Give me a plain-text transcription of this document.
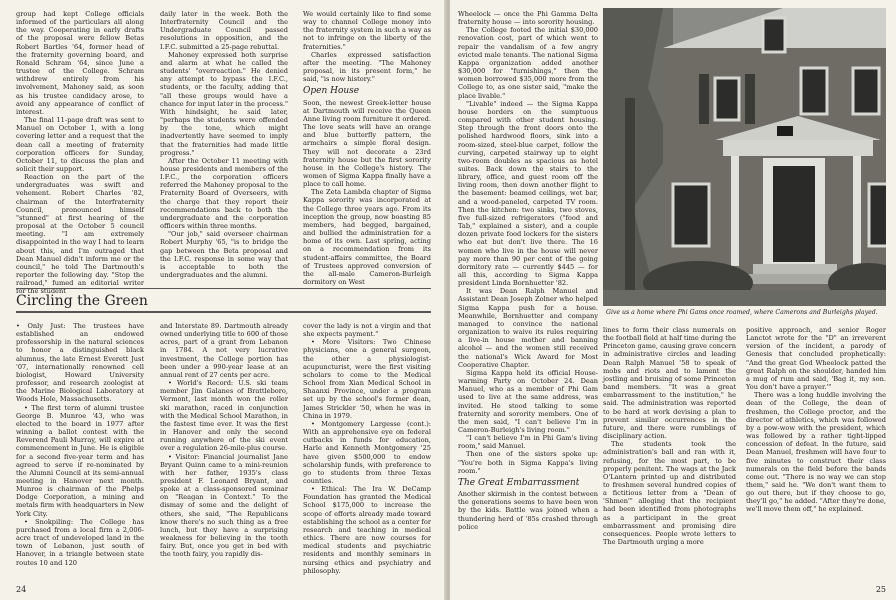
group had kept College officials informed of the particulars all along the way. Cooperating in early drafts of the proposal were fellow Betas Robert Bartles '64, former head of the fraternity governing board, and Ronald Schram '64, since June a trustee of the College. Schram withdrew entirely from his involvement, Mahoney said, as soon as his trustee candidacy arose, to avoid any appearance of conflict of interest.

The final 11-page draft was sent to Manuel on October 1, with a long covering letter and a request that the dean call a meeting of fraternity corporation officers for Sunday, October 11, to discuss the plan and solicit their support.

Reaction on the part of the undergraduates was swift and vehement. Robert Charles '82, chairman of the Interfraternity Council, pronounced himself "stunned" at first hearing of the proposal at the October 5 council meeting. "I am extremely disappointed in the way I had to learn about this, and I'm outraged that Dean Manuel didn't inform me or the council," he told The Dartmouth's reporter the following day. "Stop the railroad," fumed an editorial writer for the student

daily later in the week. Both the Interfraternity Council and the Undergraduate Council passed resolutions in opposition, and the I.F.C. submitted a 25-page rebuttal.

Mahoney expressed both surprise and alarm at what he called the students' "overreaction." He denied any attempt to bypass the I.F.C., students, or the faculty, adding that "all these groups would have a chance for input later in the process." With hindsight, he said later, "perhaps the students were offended by the tone, which might inadvertently have seemed to imply that the fraternities had made little progress."

After the October 11 meeting with house presidents and members of the I.F.C., the corporation officers referred the Mahoney proposal to the Fraternity Board of Overseers, with the charge that they report their recommendations back to both the undergraduate and the corporation officers within three months.

"Our job," said overseer chairman Robert Murphy '65, "is to bridge the gap between the Beta proposal and the I.F.C. response in some way that is acceptable to both the undergraduates and the alumni.

We would certainly like to find some way to channel College money into the fraternity system in such a way as not to infringe on the liberty of the fraternities."

Charles expressed satisfaction after the meeting. "The Mahoney proposal, in its present form," he said, "is now history."

Open House

Soon, the newest Greek-letter house at Dartmouth will receive the Queen Anne living room furniture it ordered. The love seats will have an orange and blue butterfly pattern, the armchairs a simple floral design. They will not decorate a 23rd fraternity house but the first sorority house in the College's history. The women of Sigma Kappa finally have a place to call home.

The Zeta Lambda chapter of Sigma Kappa sorority was incorporated at the College three years ago. From its inception the group, now boasting 85 members, had begged, bargained, and bullied the administration for a home of its own. Last spring, acting on a recommendation from its student-affairs committee, the Board of Trustees approved conversion of the all-male Cameron-Burleigh dormitory on West

Circling the Green

• Only Just: The trustees have established an endowed professorship in the natural sciences to honor a distinguished black alumnus, the late Ernest Everett Just '07, internationally renowned cell biologist, Howard University professor, and research zoologist at the Marine Biological Laboratory at Woods Hole, Massachusetts.

• The first term of alumni trustee George B. Munroe '43, who was elected to the board in 1977 after winning a ballot contest with the Reverend Pauli Murray, will expire at commencement in June. He is eligible for a second five-year term and has agreed to serve if re-nominated by the Alumni Council at its semi-annual meeting in Hanover next month. Munroe is chairman of the Phelps Dodge Corporation, a mining and metals firm with headquarters in New York City.

• Snokpiling: The College has purchased from a local firm a 2,006-acre tract of undeveloped land in the town of Lebanon, just south of Hanover, in a triangle between state routes 10 and 120

and Interstate 89. Dartmouth already owned underlying title to 600 of those acres, part of a grant from Lebanon in 1784. A not very lucrative investment, the College portion has been under a 990-year lease at an annual rent of 27 cents per acre.

• World's Record: U.S. ski team member Jim Galanes of Brattleboro, Vermont, last month won the roller ski marathon, raced in conjunction with the Medical School Marathon, in the fastest time ever. It was the first in Hanover and only the second running anywhere of the ski event over a regulation 26-mile-plus course.

• Visitor: Financial journalist Jane Bryant Quinn came to a mini-reunion with her father, 1935's class president F. Leonard Bryant, and spoke at a class-sponsored seminar on "Reagan in Context." To the dismay of some and the delight of others, she said, "The Republicans know there's no such thing as a free lunch, but they have a surprising weakness for believing in the tooth fairy. But, once you get in bed with the tooth fairy, you rapidly dis-

cover the lady is not a virgin and that she expects payment."

• More Visitors: Two Chinese physicians, one a general surgeon, the other a physiologist-acupuncturist, were the first visiting scholars to come to the Medical School from Xian Medical School in Shaanxi Province, under a program set up by the school's former dean, James Strickler '50, when he was in China in 1979.

• Montgomery Largesse (cont.): With an apprehensive eye on federal cutbacks in funds for education, Harle and Kenneth Montgomery '25 have given $500,000 to endow scholarship funds, with preference to go to students from three Texas counties.

• Ethical: The Ira W. DeCamp Foundation has granted the Medical School $175,000 to increase the scope of efforts already made toward establishing the school as a center for research and teaching in medical ethics. There are now courses for medical students and psychiatric residents and monthly seminars in nursing ethics and psychiatry and philosophy.

24

Wheelock — once the Phi Gamma Delta fraternity house — into sorority housing.

The College footed the initial $30,000 renovation cost, part of which went to repair the vandalism of a few angry evicted male tenants. The national Sigma Kappa organization added another $30,000 for "furnishings," then the women borrowed $35,000 more from the College to, as one sister said, "make the place livable."

"Livable" indeed — the Sigma Kappa house borders on the sumptuous compared with other student housing. Step through the front doors onto the polished hardwood floors, sink into a room-sized, steel-blue carpet, follow the curving, carpeted stairway up to eight two-room doubles as spacious as hotel suites. Back down the stairs to the library, office, and guest room off the living room, then down another flight to the basement: beamed ceilings, wet bar, and a wood-paneled, carpeted TV room. Then the kitchen: two sinks, two stoves, five full-sized refrigerators ("food and Tab," explained a sister), and a couple dozen private food lockers for the sisters who eat but don't live there. The 16 women who live in the house will never pay more than 90 per cent of the going dormitory rate — currently $445 — for all this, according to Sigma Kappa president Linda Bornhuetter '82.

It was Dean Ralph Manuel and Assistant Dean Joseph Zolner who helped Sigma Kappa push for a house. Meanwhile, Bornhuetter and company managed to convince the national organization to waive its rules requiring a live-in house mother and banning alcohol — and the women still received the national's Wick Award for Most Cooperative Chapter.

Sigma Kappa held its official House-warming Party on October 24. Dean Manuel, who as a member of Phi Gam used to live at the same address, was invited. He stood talking to some fraternity and sorority members. One of the men said, "I can't believe I'm in Cameron-Burleigh's living room."

"I can't believe I'm in Phi Gam's living room," said Manuel.

Then one of the sisters spoke up: "You're both in Sigma Kappa's living room."

The Great Embarrassment

Another skirmish in the contest between the generations seems to have been won by the kids. Battle was joined when a thundering herd of '85s crashed through police

lines to form their class numerals on the football field at half time during the Princeton game, causing grave concern in administrative circles and leading Dean Ralph Manuel '58 to speak of mobs and riots and to lament the jostling and bruising of some Princeton band members. "It was a great embarrassment to the institution," he said. The administration was reported to be hard at work devising a plan to prevent similar occurrences in the future, and there were rumblings of disciplinary action.

The students took the administration's ball and ran with it, refusing, for the most part, to be properly penitent. The wags at the Jack O'Lantern printed up and distributed to freshmen several hundred copies of a fictitious letter from a "Dean of 'Shmen'" alleging that the recipient had been identified from photographs as a participant in the great embarrassment and promising dire consequences. People wrote letters to The Dartmouth urging a more

positive approach, and senior Roger Lanctot wrote for the "D" an irreverent version of the incident, a parody of Genesis that concluded prophetically: "And the great God Wheelock patted the great Ralph on the shoulder, handed him a mug of rum and said, 'Bag it, my son. You don't have a prayer.'"

There was a long huddle involving the dean of the College, the dean of freshmen, the College proctor, and the director of athletics, which was followed by a pow-wow with the president, which was followed by a rather tight-lipped concession of defeat. In the future, said Dean Manuel, freshmen will have four to five minutes to construct their class numerals on the field before the bands come out. "There is no way we can stop them," said he. "We don't want them to go out there, but if they choose to go, they'll go," he added. "After they're done, we'll move them off," he explained.

25
Give us a home where Phi Gams once roamed, where Camerons and Burleighs played.
